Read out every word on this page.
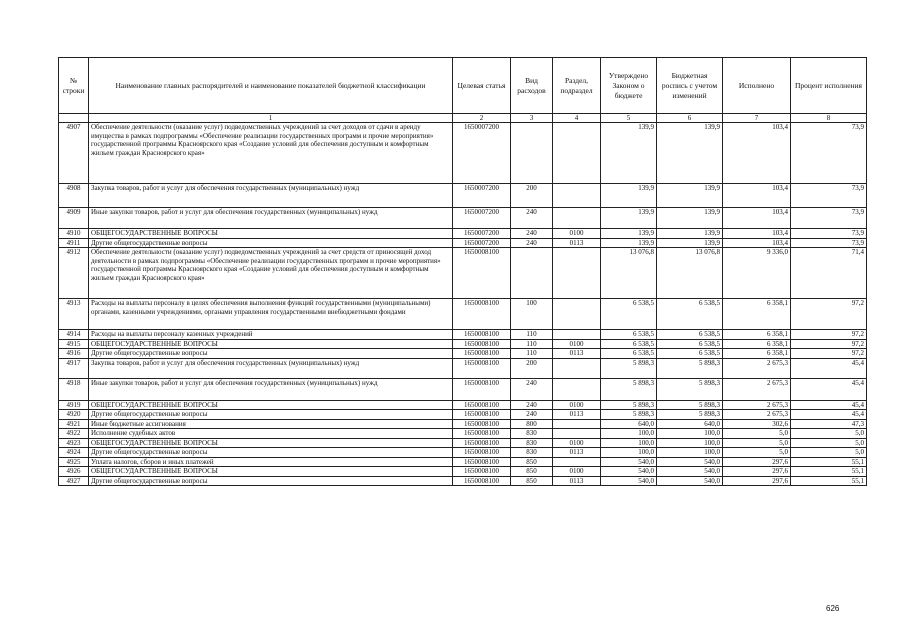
№ строки	Наименование главных распорядителей и наименование показателей бюджетной классификации	Целевая статья	Вид расходов	Раздел, подраздел	Утверждено Законом о бюджете	Бюджетная роспись с учетом изменений	Исполнено	Процент исполнения
	1	2	3	4	5	6	7	8
4907	Обеспечение деятельности (оказание услуг) подведомственных учреждений за счет доходов от сдачи в аренду имущества в рамках подпрограммы «Обеспечение реализации государственных программ и прочие мероприятия» государственной программы Красноярского края «Создание условий для обеспечения доступным и комфортным жильем граждан Красноярского края»	1650007200			139,9	139,9	103,4	73,9
4908	Закупка товаров, работ и услуг для обеспечения государственных (муниципальных) нужд	1650007200	200		139,9	139,9	103,4	73,9
4909	Иные закупки товаров, работ и услуг для обеспечения государственных (муниципальных) нужд	1650007200	240		139,9	139,9	103,4	73,9
4910	ОБЩЕГОСУДАРСТВЕННЫЕ ВОПРОСЫ	1650007200	240	0100	139,9	139,9	103,4	73,9
4911	Другие общегосударственные вопросы	1650007200	240	0113	139,9	139,9	103,4	73,9
4912	Обеспечение деятельности (оказание услуг) подведомственных учреждений за счет средств от приносящей доход деятельности в рамках подпрограммы «Обеспечение реализации государственных программ и прочие мероприятия» государственной программы Красноярского края «Создание условий для обеспечения доступным и комфортным жильем граждан Красноярского края»	1650008100			13 076,8	13 076,8	9 336,0	71,4
4913	Расходы на выплаты персоналу в целях обеспечения выполнения функций государственными (муниципальными) органами, казенными учреждениями, органами управления государственными внебюджетными фондами	1650008100	100		6 538,5	6 538,5	6 358,1	97,2
4914	Расходы на выплаты персоналу казенных учреждений	1650008100	110		6 538,5	6 538,5	6 358,1	97,2
4915	ОБЩЕГОСУДАРСТВЕННЫЕ ВОПРОСЫ	1650008100	110	0100	6 538,5	6 538,5	6 358,1	97,2
4916	Другие общегосударственные вопросы	1650008100	110	0113	6 538,5	6 538,5	6 358,1	97,2
4917	Закупка товаров, работ и услуг для обеспечения государственных (муниципальных) нужд	1650008100	200		5 898,3	5 898,3	2 675,3	45,4
4918	Иные закупки товаров, работ и услуг для обеспечения государственных (муниципальных) нужд	1650008100	240		5 898,3	5 898,3	2 675,3	45,4
4919	ОБЩЕГОСУДАРСТВЕННЫЕ ВОПРОСЫ	1650008100	240	0100	5 898,3	5 898,3	2 675,3	45,4
4920	Другие общегосударственные вопросы	1650008100	240	0113	5 898,3	5 898,3	2 675,3	45,4
4921	Иные бюджетные ассигнования	1650008100	800		640,0	640,0	302,6	47,3
4922	Исполнение судебных актов	1650008100	830		100,0	100,0	5,0	5,0
4923	ОБЩЕГОСУДАРСТВЕННЫЕ ВОПРОСЫ	1650008100	830	0100	100,0	100,0	5,0	5,0
4924	Другие общегосударственные вопросы	1650008100	830	0113	100,0	100,0	5,0	5,0
4925	Уплата налогов, сборов и иных платежей	1650008100	850		540,0	540,0	297,6	55,1
4926	ОБЩЕГОСУДАРСТВЕННЫЕ ВОПРОСЫ	1650008100	850	0100	540,0	540,0	297,6	55,1
4927	Другие общегосударственные вопросы	1650008100	850	0113	540,0	540,0	297,6	55,1
626
